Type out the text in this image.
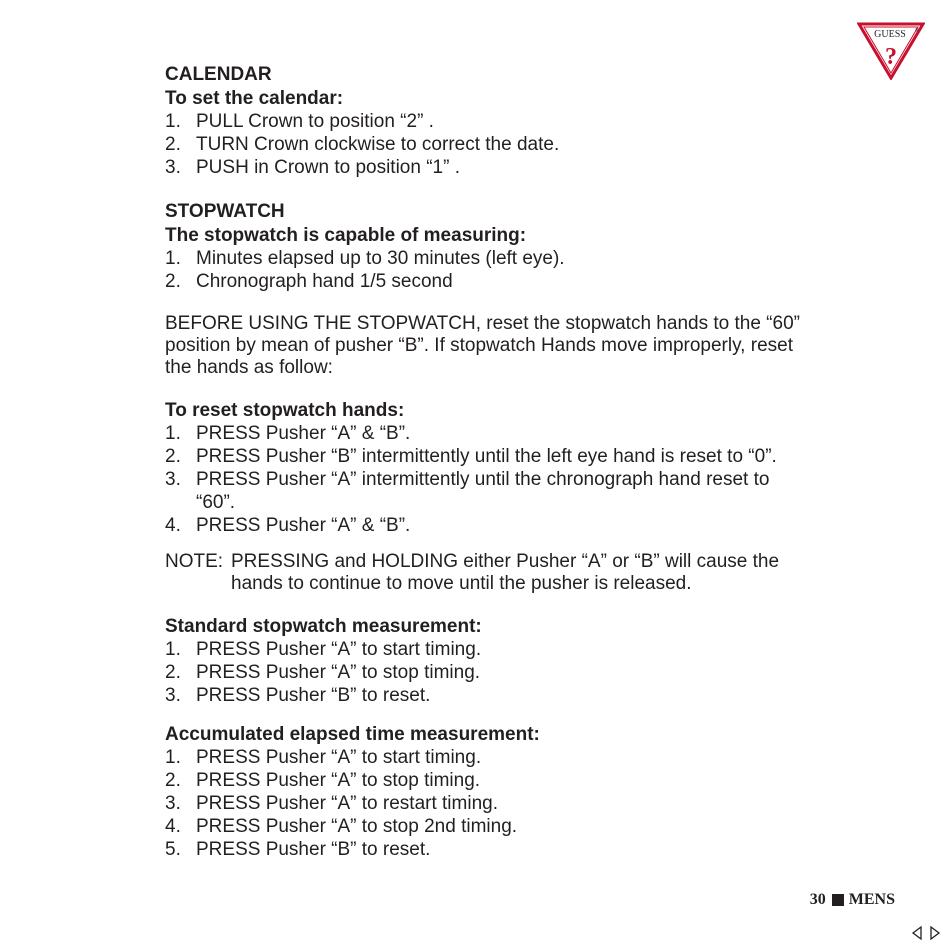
GUESS ®
?
CALENDAR
To set the calendar:
1. PULL Crown to position “2” .
2. TURN Crown clockwise to correct the date.
3. PUSH in Crown to position “1” .
STOPWATCH
The stopwatch is capable of measuring:
1. Minutes elapsed up to 30 minutes (left eye).
2. Chronograph hand 1/5 second

BEFORE USING THE STOPWATCH, reset the stopwatch hands to the “60” position by mean of pusher “B”. If stopwatch Hands move improperly, reset the hands as follow:

To reset stopwatch hands:
1. PRESS Pusher “A” & “B”.
2. PRESS Pusher “B” intermittently until the left eye hand is reset to “0”.
3. PRESS Pusher “A” intermittently until the chronograph hand reset to “60”.
4. PRESS Pusher “A” & “B”.
NOTE: PRESSING and HOLDING either Pusher “A” or “B” will cause the hands to continue to move until the pusher is released.
Standard stopwatch measurement:
1. PRESS Pusher “A” to start timing.
2. PRESS Pusher “A” to stop timing.
3. PRESS Pusher “B” to reset.
Accumulated elapsed time measurement:
1. PRESS Pusher “A” to start timing.
2. PRESS Pusher “A” to stop timing.
3. PRESS Pusher “A” to restart timing.
4. PRESS Pusher “A” to stop 2nd timing.
5. PRESS Pusher “B” to reset.
30 MENS
